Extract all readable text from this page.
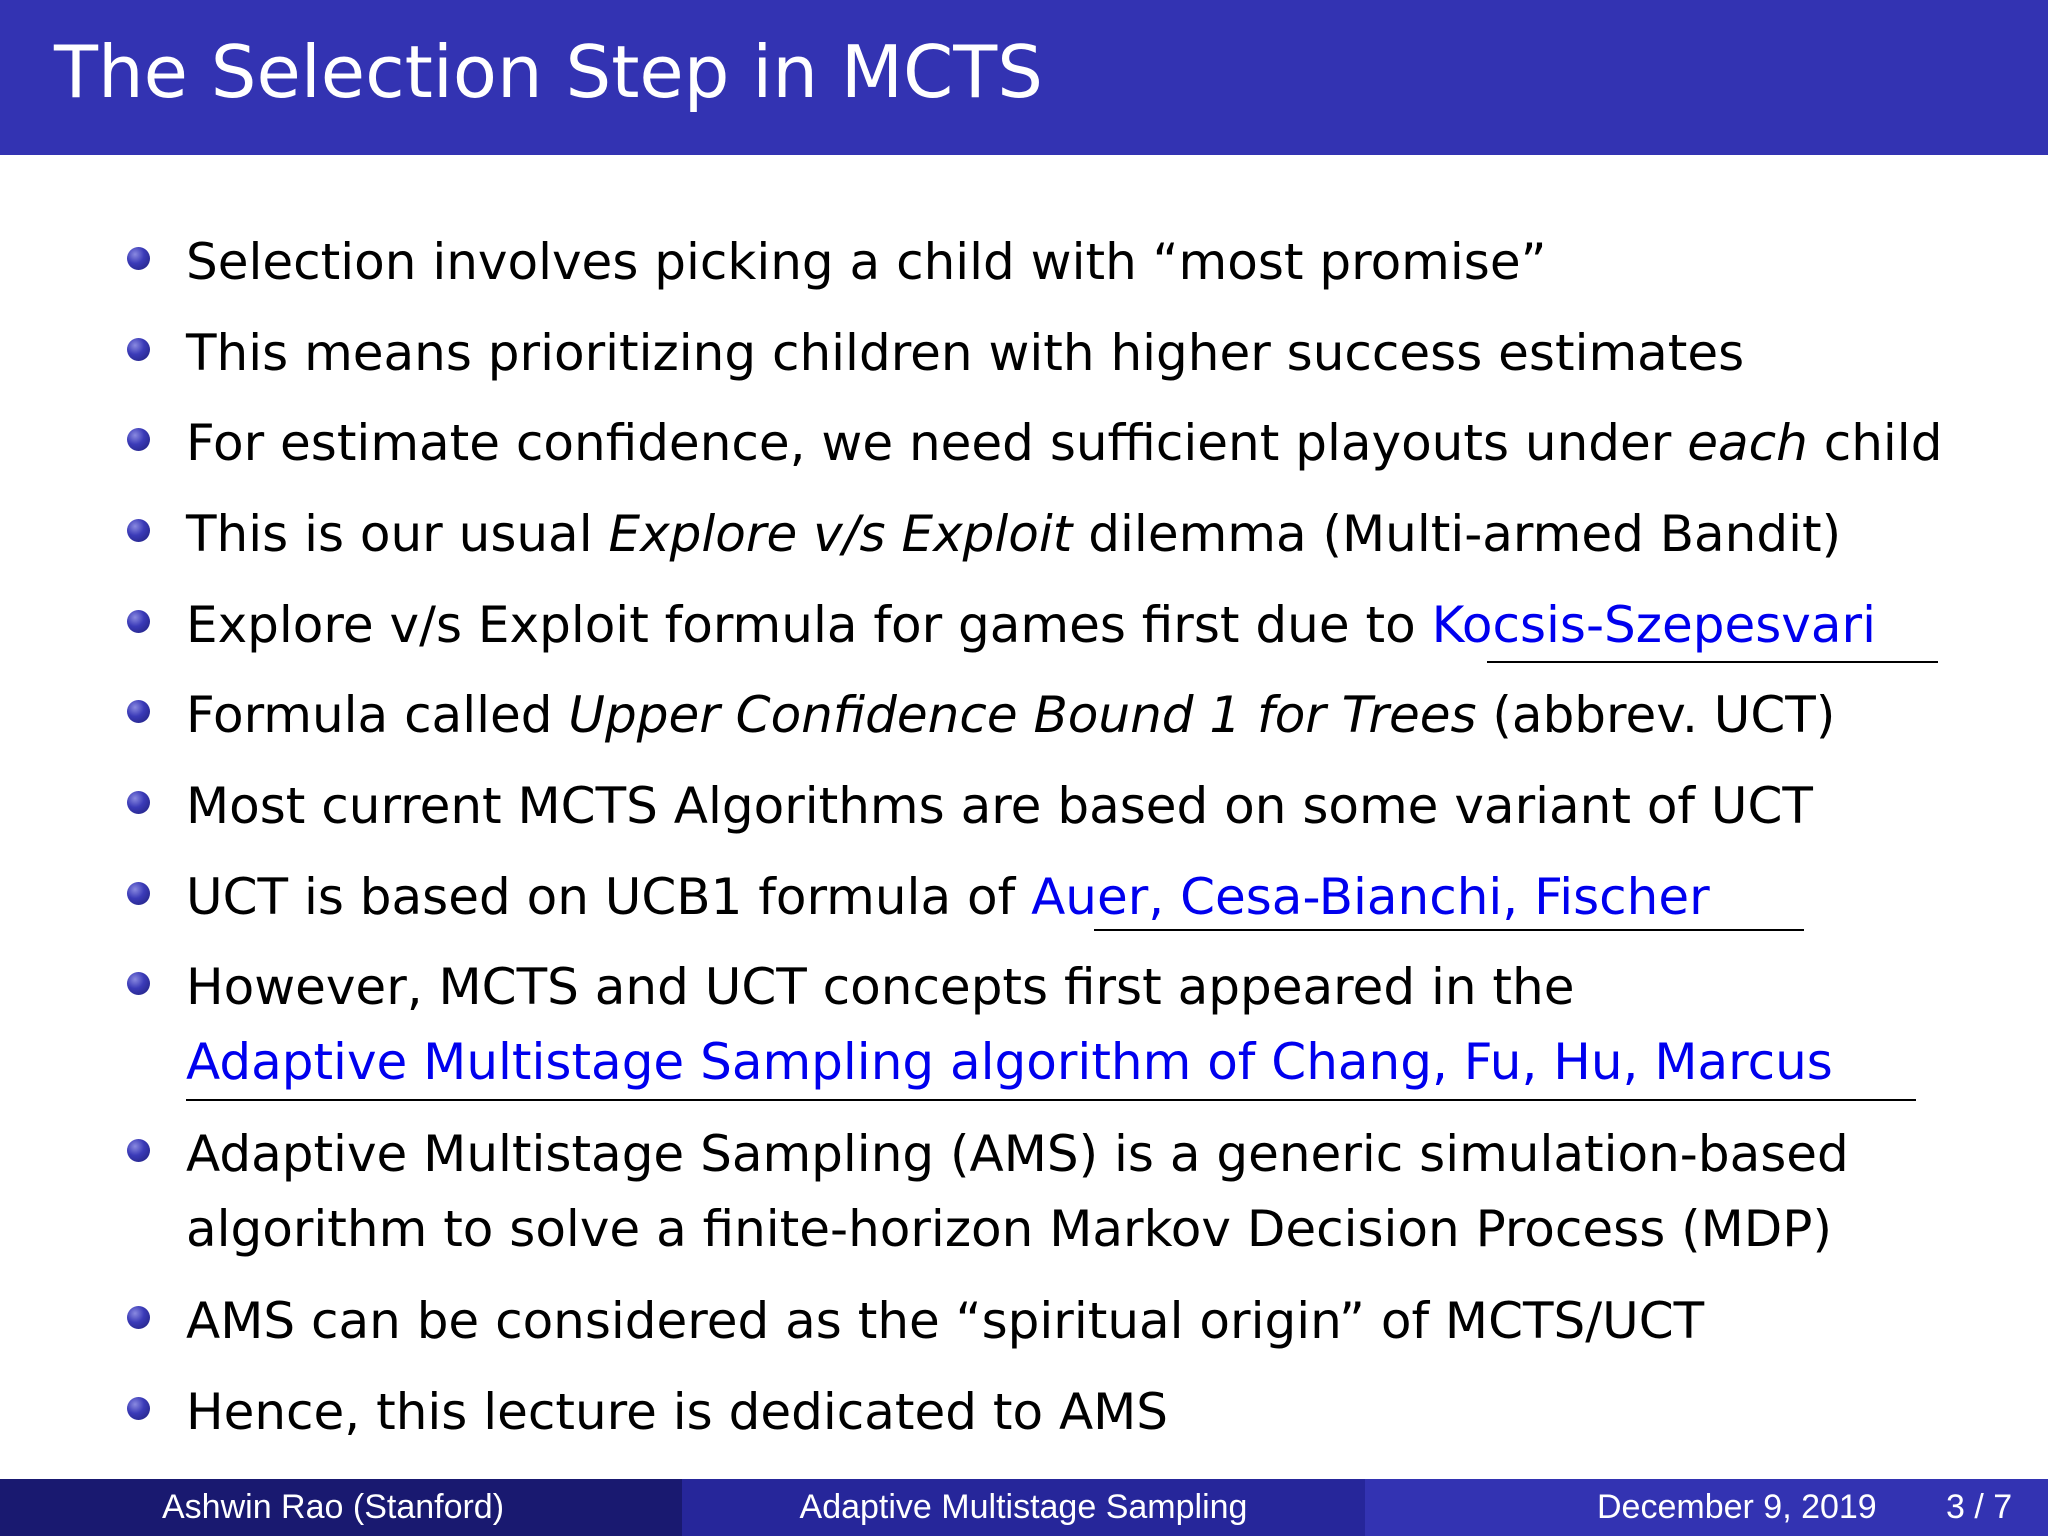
The Selection Step in MCTS
Selection involves picking a child with “most promise”
This means prioritizing children with higher success estimates
For estimate confidence, we need sufficient playouts under each child
This is our usual Explore v/s Exploit dilemma (Multi-armed Bandit)
Explore v/s Exploit formula for games first due to Kocsis-Szepesvari
Formula called Upper Confidence Bound 1 for Trees (abbrev. UCT)
Most current MCTS Algorithms are based on some variant of UCT
UCT is based on UCB1 formula of Auer, Cesa-Bianchi, Fischer
However, MCTS and UCT concepts first appeared in the
Adaptive Multistage Sampling algorithm of Chang, Fu, Hu, Marcus
Adaptive Multistage Sampling (AMS) is a generic simulation-based
algorithm to solve a finite-horizon Markov Decision Process (MDP)
AMS can be considered as the “spiritual origin” of MCTS/UCT
Hence, this lecture is dedicated to AMS
Ashwin Rao (Stanford)	Adaptive Multistage Sampling	December 9, 2019 3 / 7
